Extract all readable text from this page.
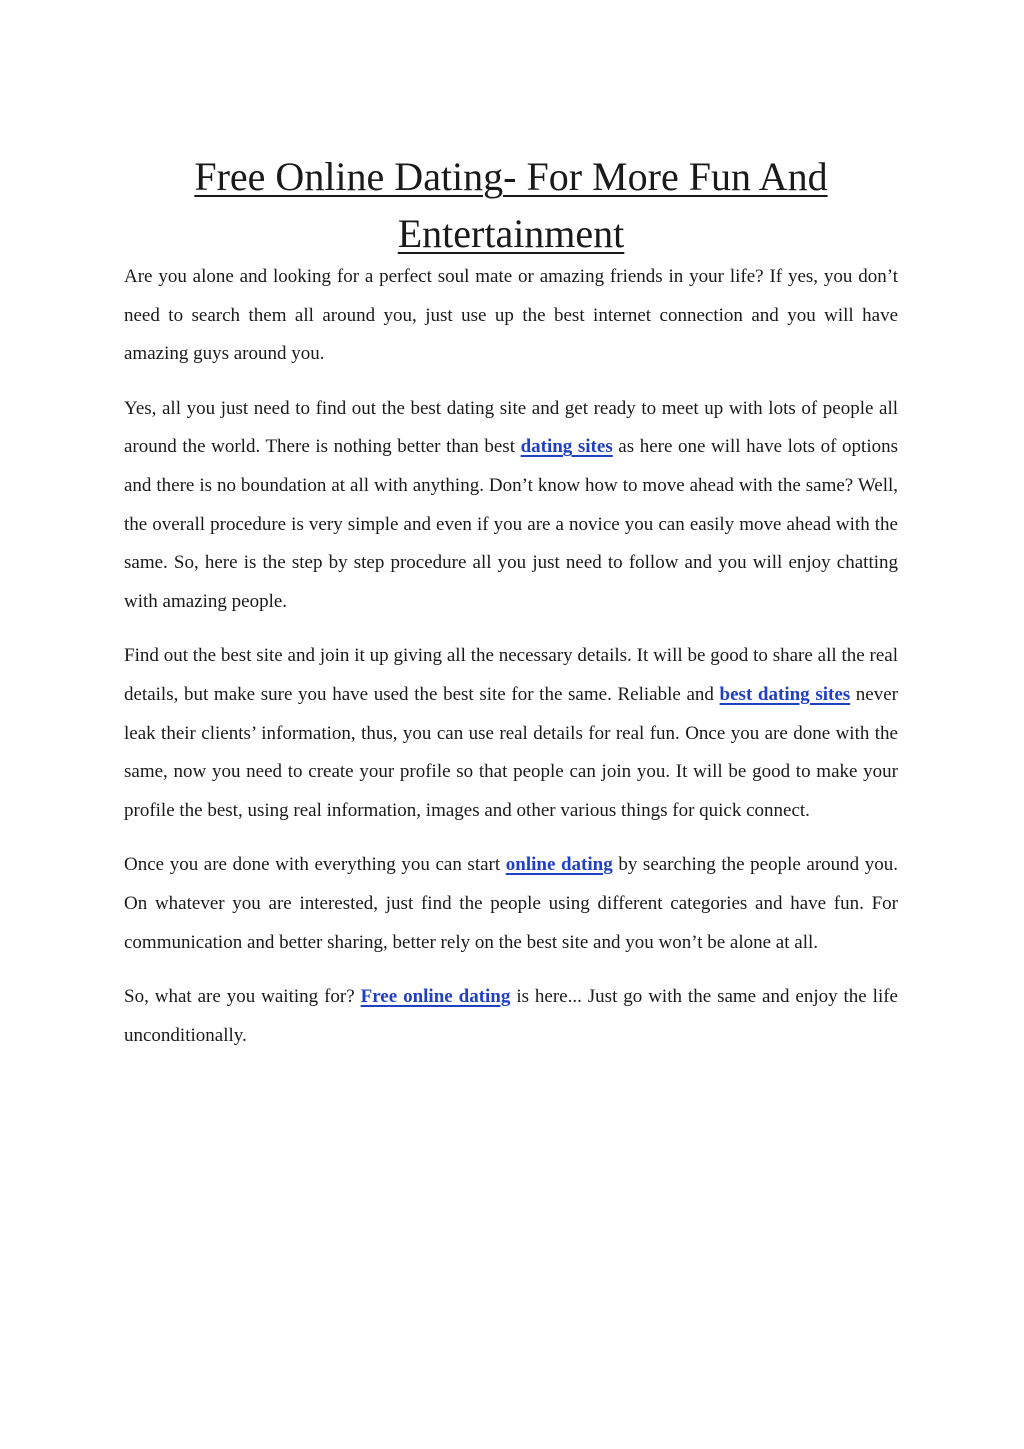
Free Online Dating- For More Fun And
Entertainment

Are you alone and looking for a perfect soul mate or amazing friends in your life? If yes, you don’t need to search them all around you, just use up the best internet connection and you will have amazing guys around you.

Yes, all you just need to find out the best dating site and get ready to meet up with lots of people all around the world. There is nothing better than best dating sites as here one will have lots of options and there is no boundation at all with anything. Don’t know how to move ahead with the same? Well, the overall procedure is very simple and even if you are a novice you can easily move ahead with the same. So, here is the step by step procedure all you just need to follow and you will enjoy chatting with amazing people.

Find out the best site and join it up giving all the necessary details. It will be good to share all the real details, but make sure you have used the best site for the same. Reliable and best dating sites never leak their clients’ information, thus, you can use real details for real fun. Once you are done with the same, now you need to create your profile so that people can join you. It will be good to make your profile the best, using real information, images and other various things for quick connect.

Once you are done with everything you can start online dating by searching the people around you. On whatever you are interested, just find the people using different categories and have fun. For communication and better sharing, better rely on the best site and you won’t be alone at all.

So, what are you waiting for? Free online dating is here... Just go with the same and enjoy the life unconditionally.
